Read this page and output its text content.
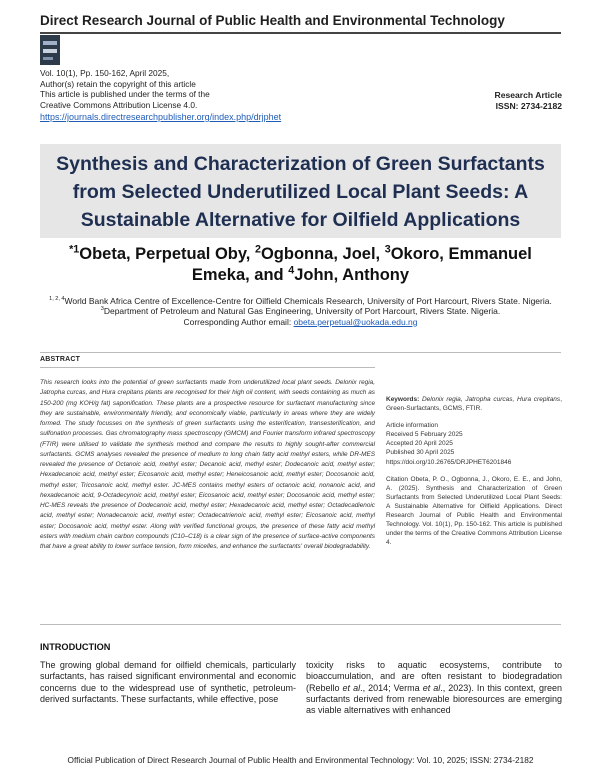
Direct Research Journal of Public Health and Environmental Technology
Vol. 10(1), Pp. 150-162, April 2025,
Author(s) retain the copyright of this article
This article is published under the terms of the
Creative Commons Attribution License 4.0.
https://journals.directresearchpublisher.org/index.php/drjphet
Research Article
ISSN: 2734-2182
Synthesis and Characterization of Green Surfactants
from Selected Underutilized Local Plant Seeds: A
Sustainable Alternative for Oilfield Applications
$^{*1}$Obeta, Perpetual Oby, $^2$Ogbonna, Joel, $^3$Okoro, Emmanuel
Emeka, and $^4$John, Anthony
$^{1, 2, 4}$World Bank Africa Centre of Excellence-Centre for Oilfield Chemicals Research, University of Port Harcourt, Rivers State. Nigeria.
$^3$Department of Petroleum and Natural Gas Engineering, University of Port Harcourt, Rivers State. Nigeria.
Corresponding Author email: obeta.perpetual@uokada.edu.ng
ABSTRACT
This research looks into the potential of green surfactants made from underutilized local plant seeds. Delonix regia, Jatropha curcas, and Hura crepitans plants are recognised for their high oil content, with seeds containing as much as 150-200 (mg KOH/g fat) saponification. These plants are a prospective resource for surfactant manufacturing since they are sustainable, environmentally friendly, and economically viable, particularly in areas where they are widely formed. The study focusses on the synthesis of green surfactants using the esterification, transesterification, and sulfonation processes. Gas chromatography mass spectroscopy (GMCM) and Fourier transform infrared spectroscopy (FTIR) were utilised to validate the synthesis method and compare the results to highly sought-after commercial surfactants. GCMS analyses revealed the presence of medium to long chain fatty acid methyl esters, while DR-MES revealed the presence of Octanoic acid, methyl ester; Decanoic acid, methyl ester; Dodecanoic acid, methyl ester; Hexadecanoic acid, methyl ester; Eicosanoic acid, methyl ester; Heneicosanoic acid, methyl ester; Docosanoic acid, methyl ester; Tricosanoic acid, methyl ester. JC-MES contains methyl esters of octanoic acid, nonanoic acid, and hexadecanoic acid, 9-Octadecynoic acid, methyl ester; Eicosanoic acid, methyl ester; Docosanoic acid, methyl ester; HC-MES reveals the presence of Dodecanoic acid, methyl ester; Hexadecanoic acid, methyl ester; Octadecadienoic acid, methyl ester; Nonadecanoic acid, methyl ester; Octadecatrienoic acid, methyl ester; Eicosanoic acid, methyl ester; Docosanoic acid, methyl ester. Along with verified functional groups, the presence of these fatty acid methyl esters with medium chain carbon compounds (C10–C18) is a clear sign of the presence of surface-active components that have a great ability to lower surface tension, form micelles, and enhance the surfactants' overall biodegradability.
Keywords: Delonix regia, Jatropha curcas, Hura crepitans, Green-Surfactants, GCMS, FTIR.
Article information
Received 5 February 2025
Accepted 20 April 2025
Published 30 April 2025
https://doi.org/10.26765/DRJPHET6201846
Citation Obeta, P. O., Ogbonna, J., Okoro, E. E., and John, A. (2025). Synthesis and Characterization of Green Surfactants from Selected Underutilized Local Plant Seeds: A Sustainable Alternative for Oilfield Applications. Direct Research Journal of Public Health and Environmental Technology. Vol. 10(1), Pp. 150-162. This article is published under the terms of the Creative Commons Attribution License 4.
INTRODUCTION
The growing global demand for oilfield chemicals, particularly surfactants, has raised significant environmental and economic concerns due to the widespread use of synthetic, petroleum-derived surfactants. These surfactants, while effective, pose
toxicity risks to aquatic ecosystems, contribute to bioaccumulation, and are often resistant to biodegradation (Rebello et al., 2014; Verma et al., 2023). In this context, green surfactants derived from renewable bioresources are emerging as viable alternatives with enhanced
Official Publication of Direct Research Journal of Public Health and Environmental Technology: Vol. 10, 2025; ISSN: 2734-2182
